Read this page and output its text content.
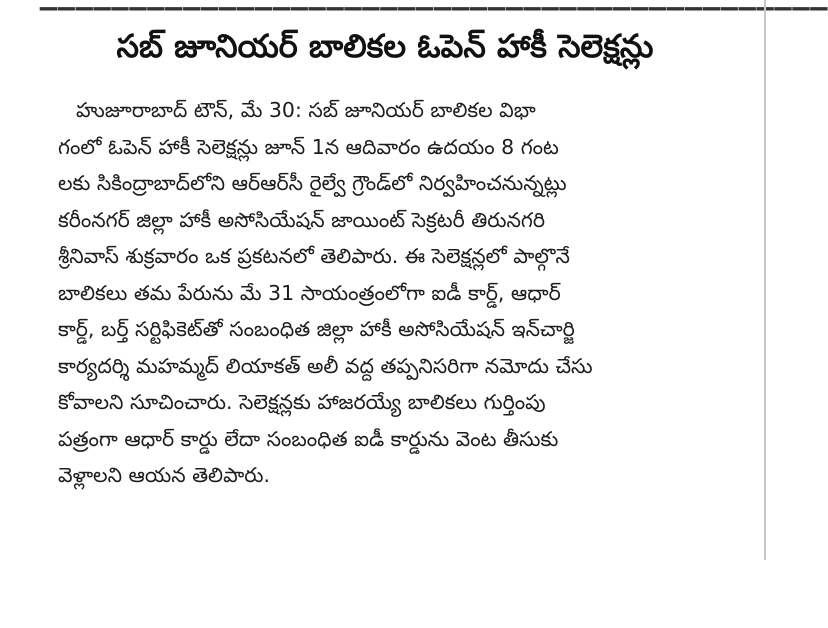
సబ్ జూనియర్ బాలికల ఓపెన్ హాకీ సెలెక్షన్లు
హుజూరాబాద్ టౌన్, మే 30: సబ్ జూనియర్ బాలికల విభా
గంలో ఓపెన్ హాకీ సెలెక్షన్లు జూన్ 1న ఆదివారం ఉదయం 8 గంట
లకు సికింద్రాబాద్‌లోని ఆర్‌ఆర్‌సీ రైల్వే గ్రౌండ్‌లో నిర్వహించనున్నట్లు
కరీంనగర్ జిల్లా హాకీ అసోసియేషన్ జాయింట్ సెక్రటరీ తిరునగరి
శ్రీనివాస్ శుక్రవారం ఒక ప్రకటనలో తెలిపారు. ఈ సెలెక్షన్లలో పాల్గొనే
బాలికలు తమ పేరును మే 31 సాయంత్రంలోగా ఐడీ కార్డ్, ఆధార్
కార్డ్, బర్త్ సర్టిఫికెట్‌తో సంబంధిత జిల్లా హాకీ అసోసియేషన్ ఇన్‌చార్జి
కార్యదర్శి మహమ్మద్ లియాకత్ అలీ వద్ద తప్పనిసరిగా నమోదు చేసు
కోవాలని సూచించారు. సెలెక్షన్లకు హాజరయ్యే బాలికలు గుర్తింపు
పత్రంగా ఆధార్ కార్డు లేదా సంబంధిత ఐడీ కార్డును వెంట తీసుకు
వెళ్లాలని ఆయన తెలిపారు.
